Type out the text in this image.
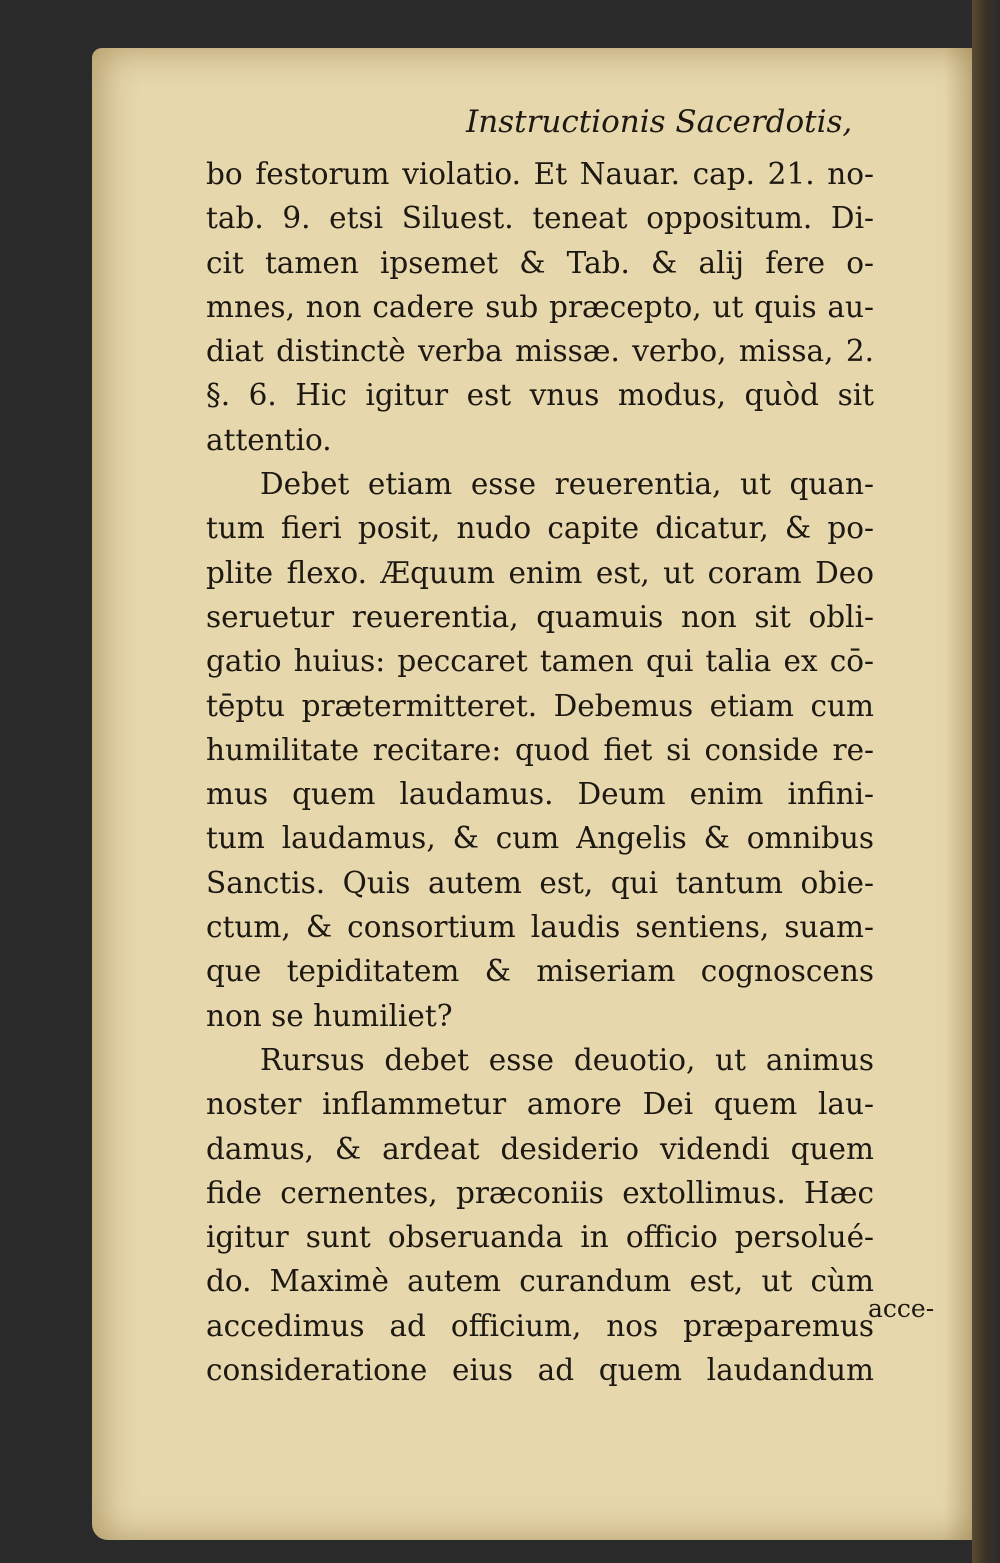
Instructionis Sacerdotis,
bo festorum violatio. Et Nauar. cap. 21. no-
tab. 9. etsi Siluest. teneat oppositum. Di-
cit tamen ipsemet & Tab. & alij fere o-
mnes, non cadere sub præcepto, ut quis au-
diat distinctè verba missæ. verbo, missa, 2.
§. 6. Hic igitur est vnus modus, quòd sit
attentio.
Debet etiam esse reuerentia, ut quan-
tum fieri posit, nudo capite dicatur, & po-
plite flexo. Æquum enim est, ut coram Deo
seruetur reuerentia, quamuis non sit obli-
gatio huius: peccaret tamen qui talia ex cō-
tēptu prætermitteret. Debemus etiam cum
humilitate recitare: quod fiet si conside re-
mus quem laudamus. Deum enim infini-
tum laudamus, & cum Angelis & omnibus
Sanctis. Quis autem est, qui tantum obie-
ctum, & consortium laudis sentiens, suam-
que tepiditatem & miseriam cognoscens
non se humiliet?
Rursus debet esse deuotio, ut animus
noster inflammetur amore Dei quem lau-
damus, & ardeat desiderio videndi quem
fide cernentes, præconiis extollimus. Hæc
igitur sunt obseruanda in officio persolué-
do. Maximè autem curandum est, ut cùm
accedimus ad officium, nos præparemus
consideratione eius ad quem laudandum
acce-
